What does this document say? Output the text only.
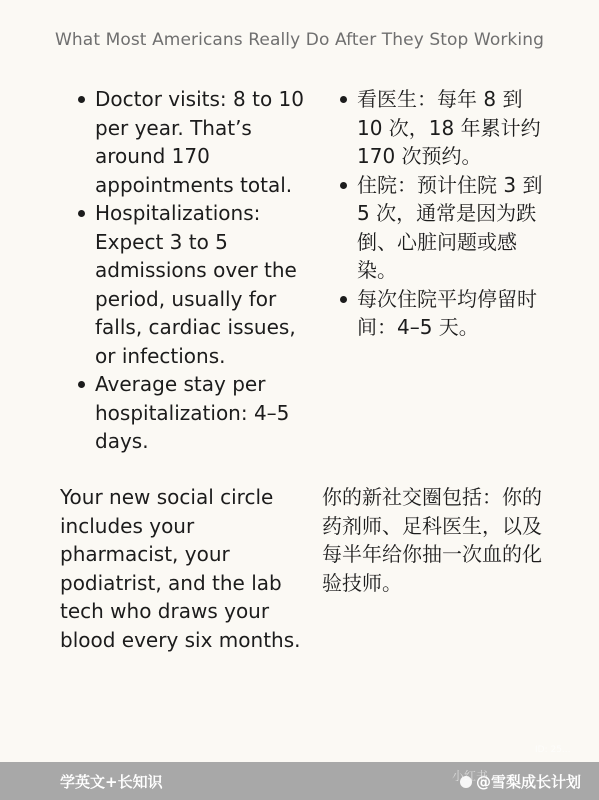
What Most Americans Really Do After They Stop Working
Doctor visits: 8 to 10 per year. That’s around 170 appointments total.
Hospitalizations: Expect 3 to 5 admissions over the period, usually for falls, cardiac issues, or infections.
Average stay per hospitalization: 4–5 days.
看医生：每年 8 到 10 次，18 年累计约 170 次预约。
住院：预计住院 3 到 5 次，通常是因为跌倒、心脏问题或感染。
每次住院平均停留时间：4–5 天。

Your new social circle includes your pharmacist, your podiatrist, and the lab tech who draws your blood every six months.

你的新社交圈包括：你的药剂师、足科医生，以及每半年给你抽一次血的化验技师。

学英文+长知识	@雪梨成长计划
小红书
ID: 25...
